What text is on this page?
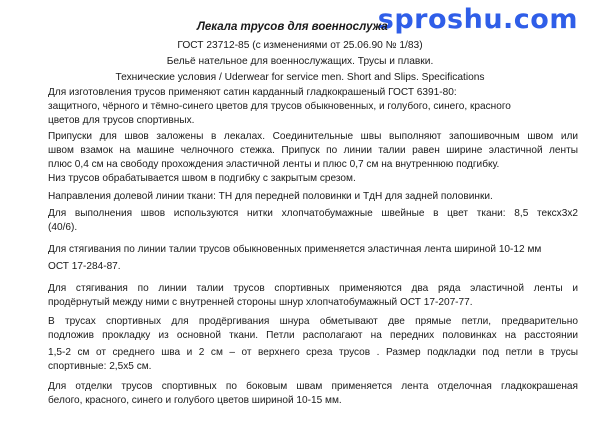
sproshu.com
Лекала трусов для военнослужа
ГОСТ 23712-85 (с изменениями от 25.06.90 № 1/83)
Бельё нательное для военнослужащих. Трусы и плавки.
Технические условия / Uderwear for service men. Short and Slips. Specifications

Для изготовления трусов применяют сатин карданный гладкокрашеный ГОСТ 6391-80:

защитного, чёрного и тёмно-синего цветов для трусов обыкновенных, и голубого, синего, красного

цветов для трусов спортивных.

Припуски для швов заложены в лекалах. Соединительные швы выполняют запошивочным швом или

швом взамок на машине челночного стежка. Припуск по линии талии равен ширине эластичной ленты

плюс 0,4 см на свободу прохождения эластичной ленты и плюс 0,7 см на внутреннюю подгибку.

Низ трусов обрабатывается швом в подгибку с закрытым срезом.

Направления долевой линии ткани: ТН для передней половинки и ТдН для задней половинки.

Для выполнения швов используются нитки хлопчатобумажные швейные в цвет ткани: 8,5 тексх3х2

(40/6).

Для стягивания по линии талии трусов обыкновенных применяется эластичная лента шириной 10-12 мм

ОСТ 17-284-87.

Для стягивания по линии талии трусов спортивных применяются два ряда эластичной ленты и

продёрнутый между ними с внутренней стороны шнур хлопчатобумажный ОСТ 17-207-77.

В трусах спортивных для продёргивания шнура обметывают две прямые петли, предварительно

подложив прокладку из основной ткани. Петли располагают на передних половинках на расстоянии

1,5-2 см от среднего шва и 2 см – от верхнего среза трусов . Размер подкладки под петли в трусы

спортивные: 2,5х5 см.

Для отделки трусов спортивных по боковым швам применяется лента отделочная гладкокрашеная

белого, красного, синего и голубого цветов шириной 10-15 мм.
